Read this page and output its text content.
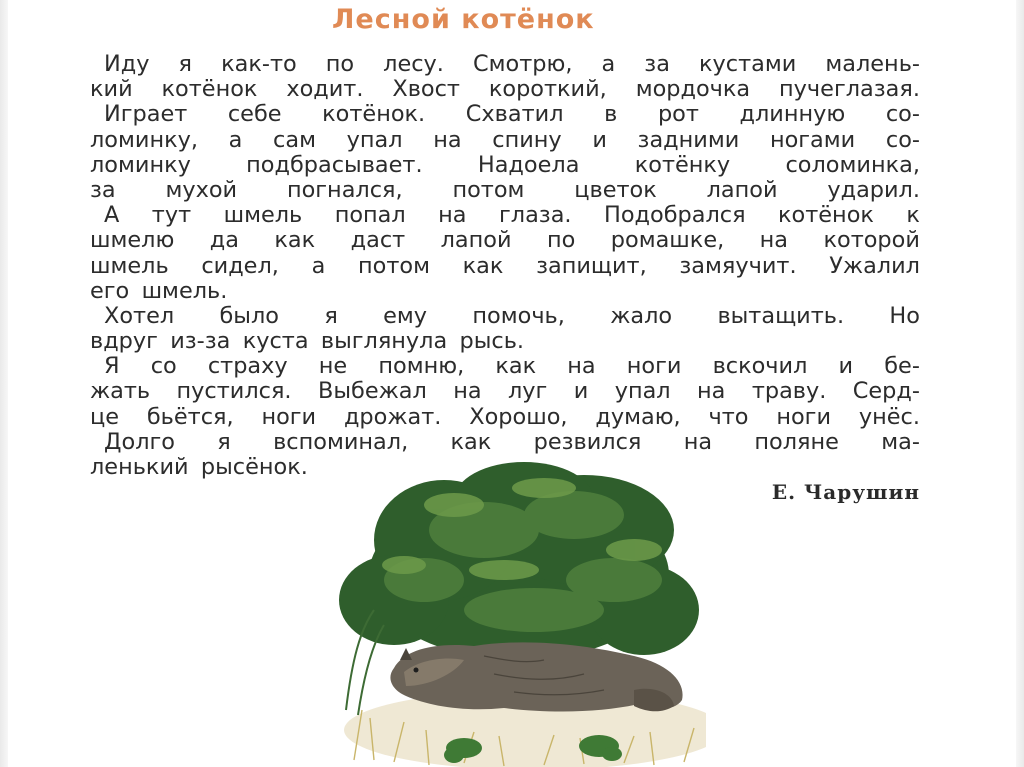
Лесной котёнок
Иду я как-то по лесу. Смотрю, а за кустами малень-
кий котёнок ходит. Хвост короткий, мордочка пучеглазая.
Играет себе котёнок. Схватил в рот длинную со-
ломинку, а сам упал на спину и задними ногами со-
ломинку подбрасывает. Надоела котёнку соломинка,
за мухой погнался, потом цветок лапой ударил.
А тут шмель попал на глаза. Подобрался котёнок к
шмелю да как даст лапой по ромашке, на которой
шмель сидел, а потом как запищит, замяучит. Ужалил
его шмель.
Хотел было я ему помочь, жало вытащить. Но
вдруг из-за куста выглянула рысь.
Я со страху не помню, как на ноги вскочил и бе-
жать пустился. Выбежал на луг и упал на траву. Серд-
це бьётся, ноги дрожат. Хорошо, думаю, что ноги унёс.
Долго я вспоминал, как резвился на поляне ма-
ленький рысёнок.
Е. Чарушин
